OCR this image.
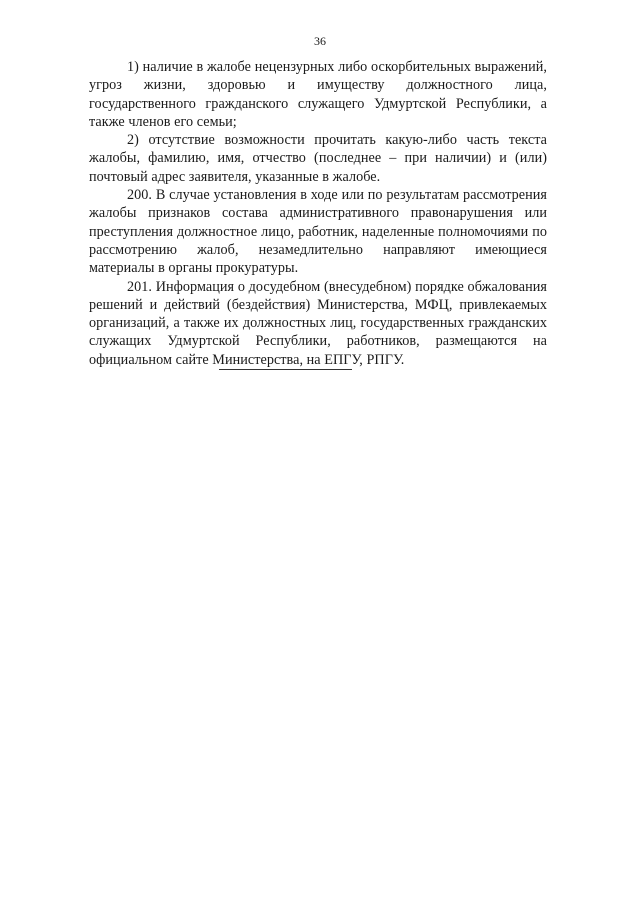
36

1) наличие в жалобе нецензурных либо оскорбительных выражений, угроз жизни, здоровью и имуществу должностного лица, государственного гражданского служащего Удмуртской Республики, а также членов его семьи;

2) отсутствие возможности прочитать какую-либо часть текста жалобы, фамилию, имя, отчество (последнее – при наличии) и (или) почтовый адрес заявителя, указанные в жалобе.

200. В случае установления в ходе или по результатам рассмотрения жалобы признаков состава административного правонарушения или преступления должностное лицо, работник, наделенные полномочиями по рассмотрению жалоб, незамедлительно направляют имеющиеся материалы в органы прокуратуры.

201. Информация о досудебном (внесудебном) порядке обжалования решений и действий (бездействия) Министерства, МФЦ, привлекаемых организаций, а также их должностных лиц, государственных гражданских служащих Удмуртской Республики, работников, размещаются на официальном сайте Министерства, на ЕПГУ, РПГУ.
